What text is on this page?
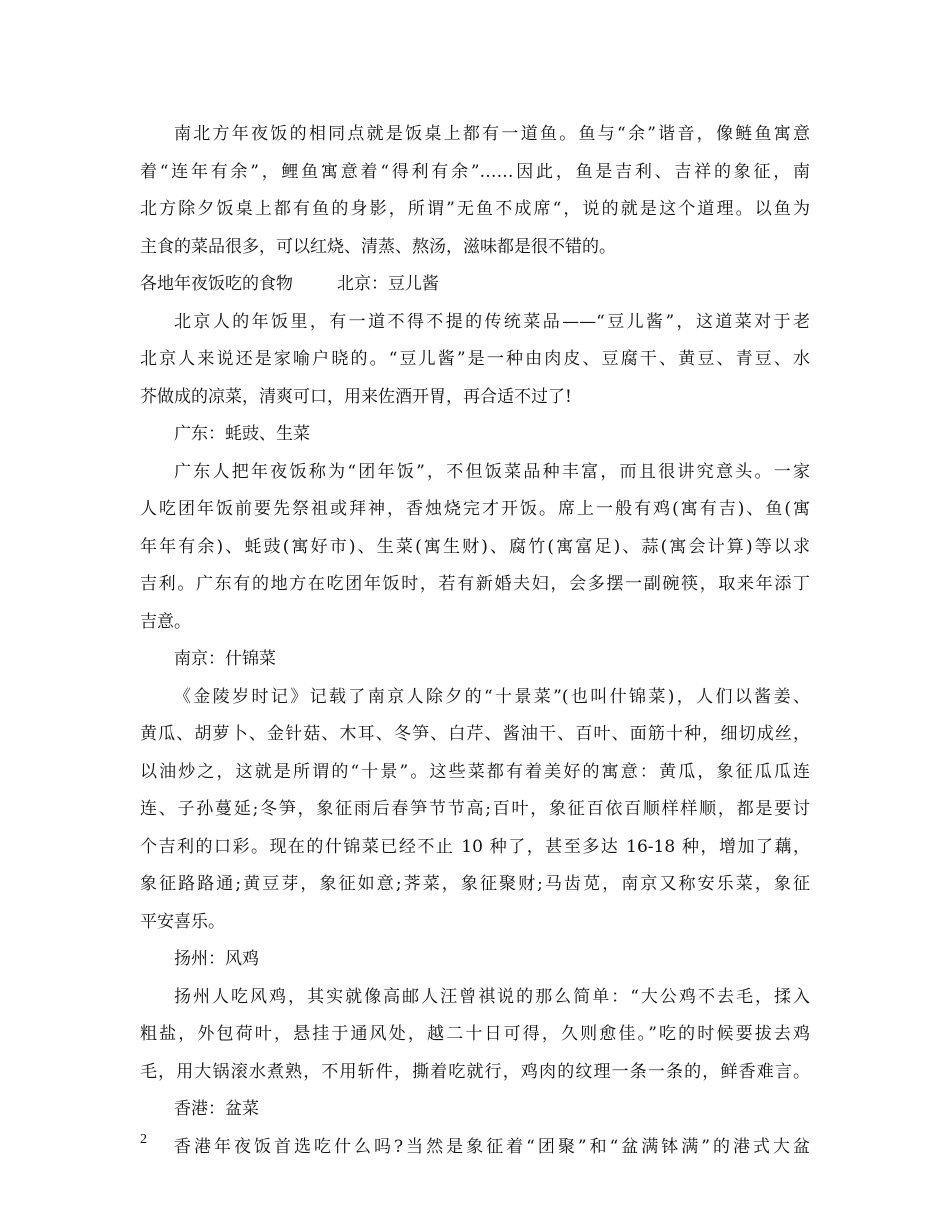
南北方年夜饭的相同点就是饭桌上都有一道鱼。鱼与“余”谐音，像鲢鱼寓意
着“连年有余”，鲤鱼寓意着“得利有余”……因此，鱼是吉利、吉祥的象征，南
北方除夕饭桌上都有鱼的身影，所谓”无鱼不成席“，说的就是这个道理。以鱼为
主食的菜品很多，可以红烧、清蒸、熬汤，滋味都是很不错的。
各地年夜饭吃的食物	北京：豆儿酱
北京人的年饭里，有一道不得不提的传统菜品——“豆儿酱”，这道菜对于老
北京人来说还是家喻户晓的。“豆儿酱”是一种由肉皮、豆腐干、黄豆、青豆、水
芥做成的凉菜，清爽可口，用来佐酒开胃，再合适不过了!
广东：蚝豉、生菜
广东人把年夜饭称为“团年饭”，不但饭菜品种丰富，而且很讲究意头。一家
人吃团年饭前要先祭祖或拜神，香烛烧完才开饭。席上一般有鸡(寓有吉)、鱼(寓
年年有余)、蚝豉(寓好市)、生菜(寓生财)、腐竹(寓富足)、蒜(寓会计算)等以求
吉利。广东有的地方在吃团年饭时，若有新婚夫妇，会多摆一副碗筷，取来年添丁
吉意。
南京：什锦菜
《金陵岁时记》记载了南京人除夕的“十景菜”(也叫什锦菜)，人们以酱姜、
黄瓜、胡萝卜、金针菇、木耳、冬笋、白芹、酱油干、百叶、面筋十种，细切成丝，
以油炒之，这就是所谓的“十景”。这些菜都有着美好的寓意：黄瓜，象征瓜瓜连
连、子孙蔓延;冬笋，象征雨后春笋节节高;百叶，象征百依百顺样样顺，都是要讨
个吉利的口彩。现在的什锦菜已经不止 10 种了，甚至多达 16-18 种，增加了藕，
象征路路通;黄豆芽，象征如意;荠菜，象征聚财;马齿苋，南京又称安乐菜，象征
平安喜乐。
扬州：风鸡
扬州人吃风鸡，其实就像高邮人汪曾祺说的那么简单：“大公鸡不去毛，揉入
粗盐，外包荷叶，悬挂于通风处，越二十日可得，久则愈佳。”吃的时候要拔去鸡
毛，用大锅滚水煮熟，不用斩件，撕着吃就行，鸡肉的纹理一条一条的，鲜香难言。
香港：盆菜
香港年夜饭首选吃什么吗?当然是象征着“团聚”和“盆满钵满”的港式大盆
2
